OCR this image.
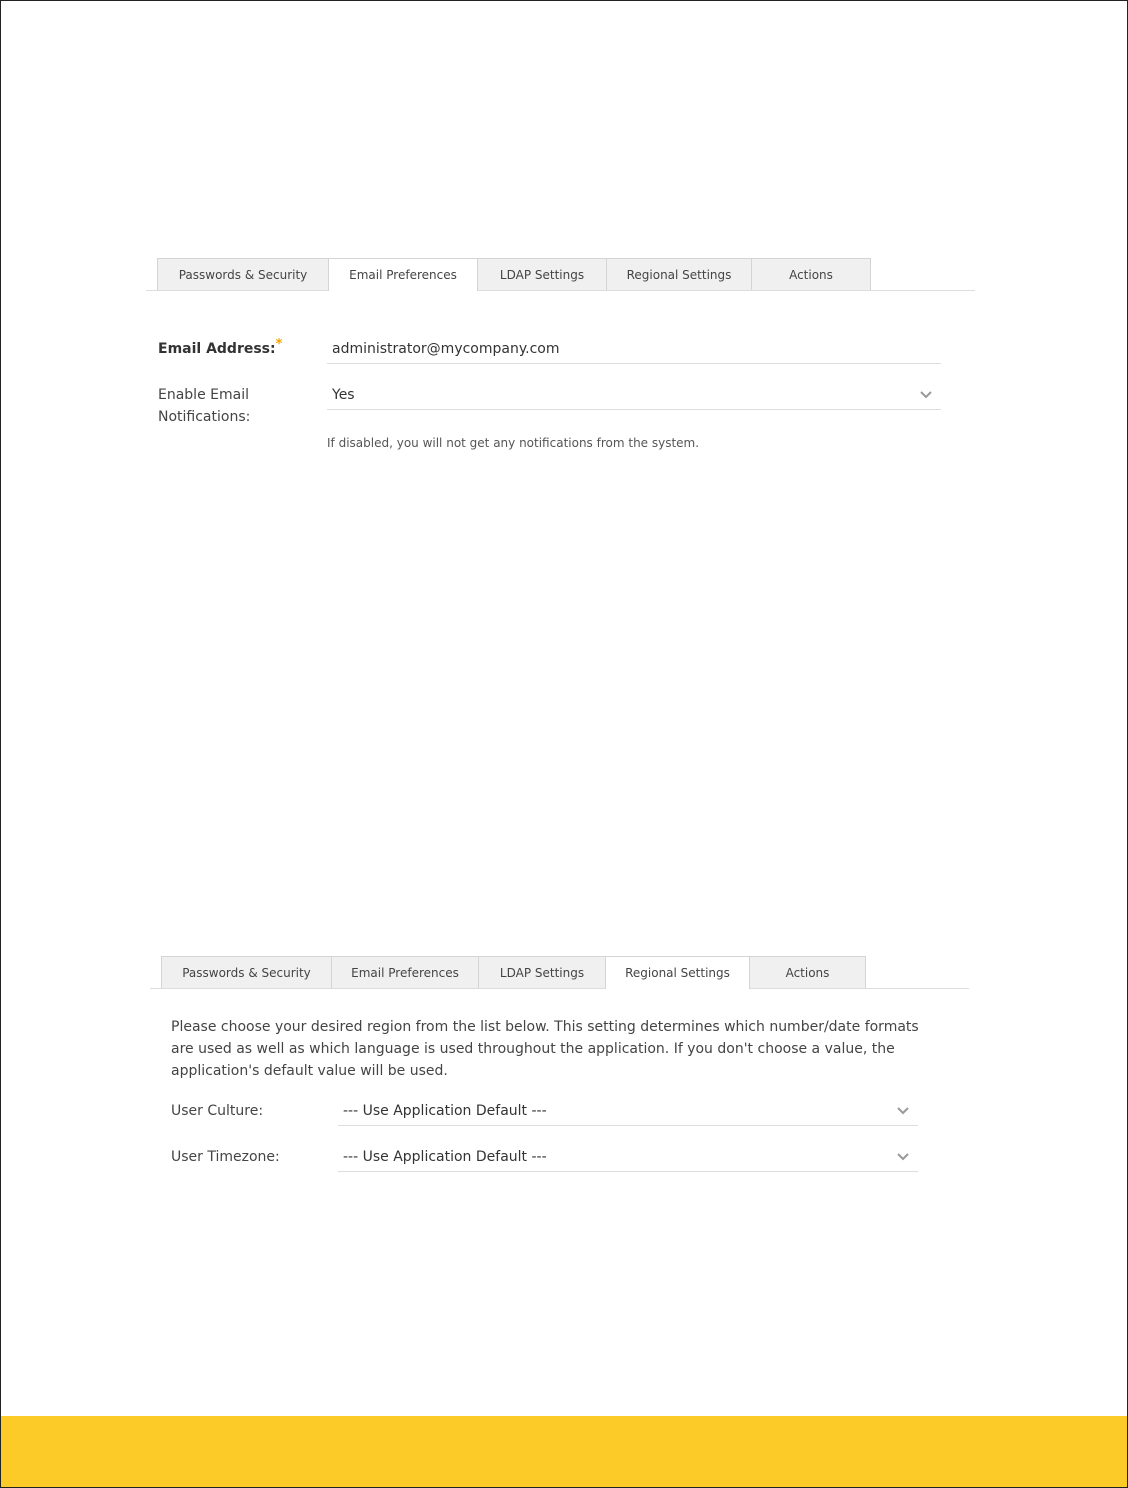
Passwords & Security	Email Preferences	LDAP Settings	Regional Settings	Actions
Email Address:*	administrator@mycompany.com
Enable Email
Notifications:
Yes
If disabled, you will not get any notifications from the system.
Passwords & Security	Email Preferences	LDAP Settings	Regional Settings	Actions
Please choose your desired region from the list below. This setting determines which number/date formats
are used as well as which language is used throughout the application. If you don't choose a value, the
application's default value will be used.
User Culture:	--- Use Application Default ---
User Timezone:	--- Use Application Default ---
